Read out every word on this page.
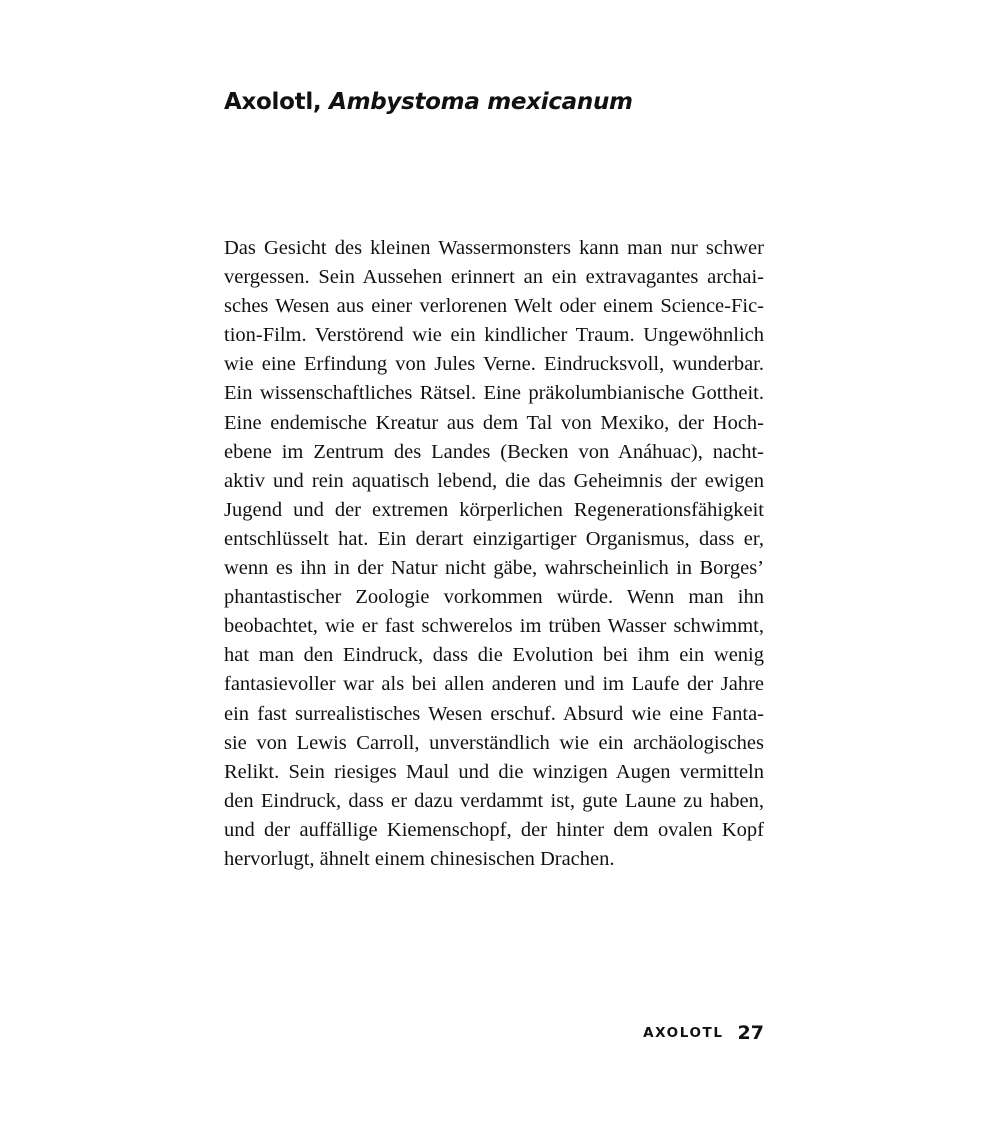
Axolotl, Ambystoma mexicanum
Das Gesicht des kleinen Wassermonsters kann man nur schwer
vergessen. Sein Aussehen erinnert an ein extravagantes archai-
sches Wesen aus einer verlorenen Welt oder einem Science-Fic-
tion-Film. Verstörend wie ein kindlicher Traum. Ungewöhnlich
wie eine Erfindung von Jules Verne. Eindrucksvoll, wunderbar.
Ein wissenschaftliches Rätsel. Eine präkolumbianische Gottheit.
Eine endemische Kreatur aus dem Tal von Mexiko, der Hoch-
ebene im Zentrum des Landes (Becken von Anáhuac), nacht-
aktiv und rein aquatisch lebend, die das Geheimnis der ewigen
Jugend und der extremen körperlichen Regenerationsfähigkeit
entschlüsselt hat. Ein derart einzigartiger Organismus, dass er,
wenn es ihn in der Natur nicht gäbe, wahrscheinlich in Borges’
phantastischer Zoologie vorkommen würde. Wenn man ihn
beobachtet, wie er fast schwerelos im trüben Wasser schwimmt,
hat man den Eindruck, dass die Evolution bei ihm ein wenig
fantasievoller war als bei allen anderen und im Laufe der Jahre
ein fast surrealistisches Wesen erschuf. Absurd wie eine Fanta-
sie von Lewis Carroll, unverständlich wie ein archäologisches
Relikt. Sein riesiges Maul und die winzigen Augen vermitteln
den Eindruck, dass er dazu verdammt ist, gute Laune zu haben,
und der auffällige Kiemenschopf, der hinter dem ovalen Kopf
hervorlugt, ähnelt einem chinesischen Drachen.
AXOLOTL 27
